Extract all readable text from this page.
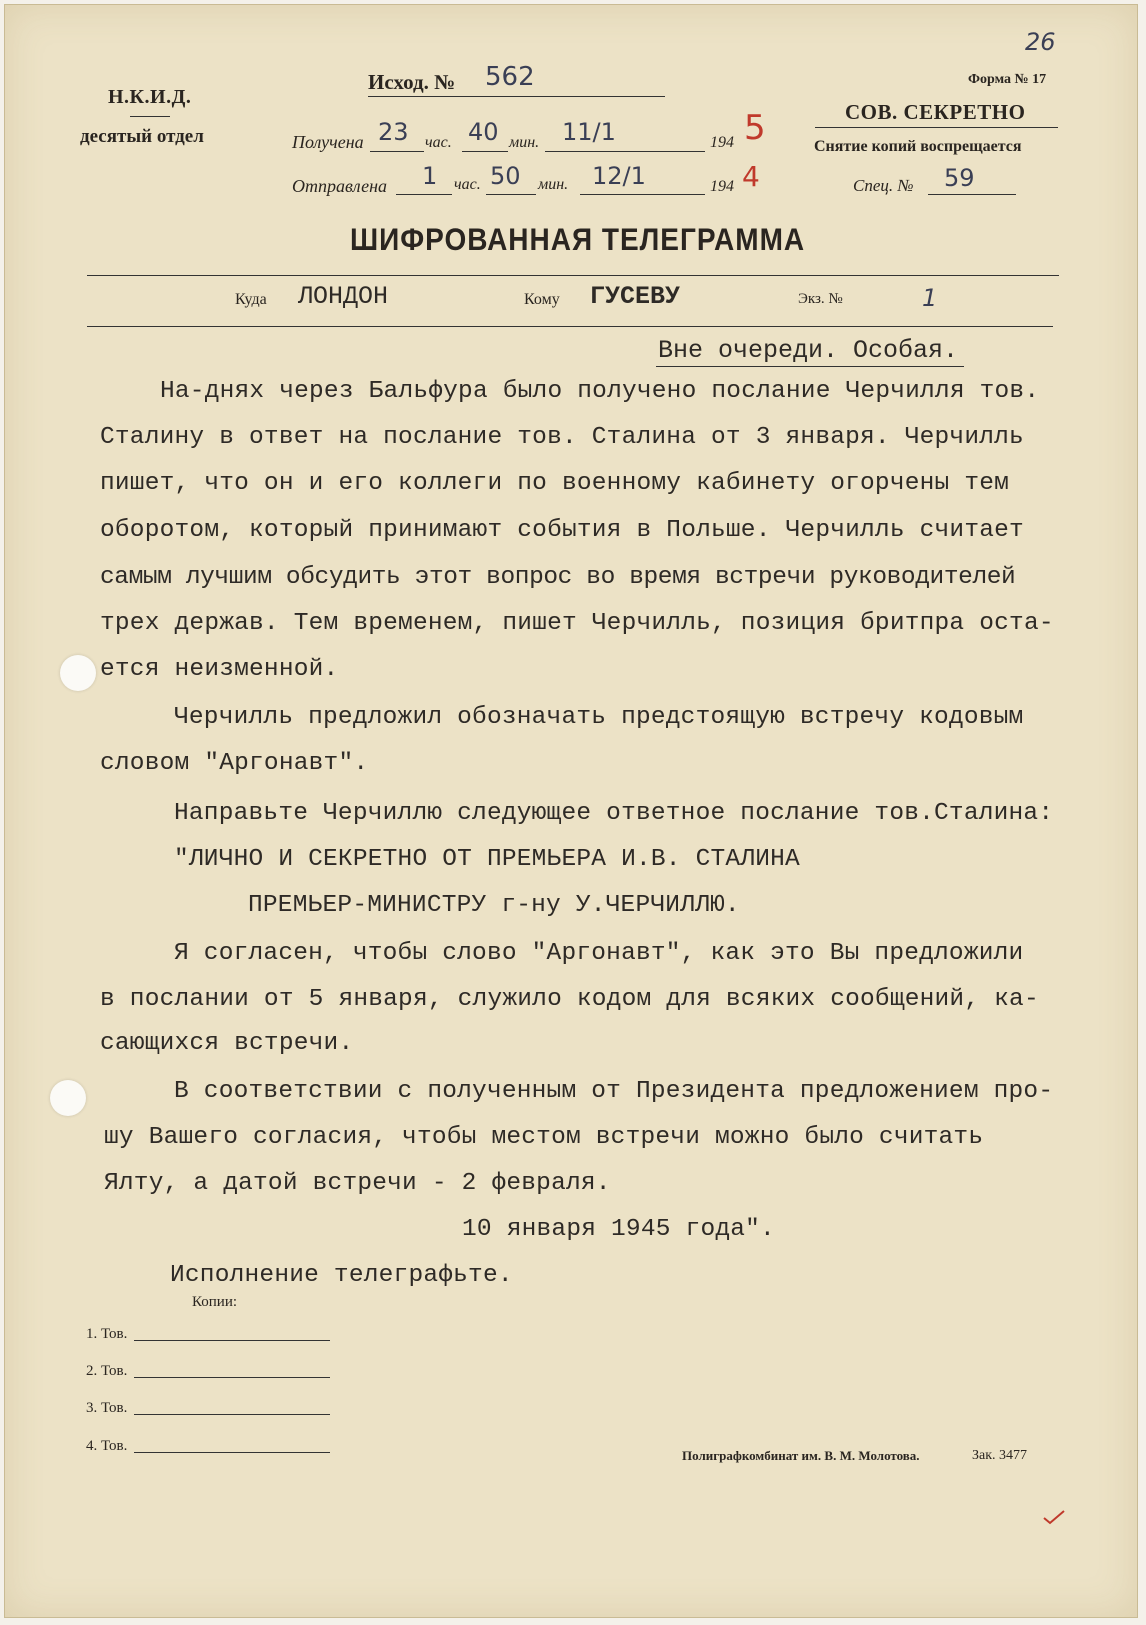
26
Н.К.И.Д.
десятый отдел
Исход. № 562
Получена 23 час. 40 мин. 11/1	194 5
Отправлена 1 час. 50 мин. 12/1	194 4
Форма № 17
СОВ. СЕКРЕТНО
Снятие копий воспрещается
Спец. № 59
ШИФРОВАННАЯ ТЕЛЕГРАММА
Куда ЛОНДОН	Кому ГУСЕВУ	Экз. №	1
Вне очереди. Особая.
На-днях через Бальфура было получено послание Черчилля тов.
Сталину в ответ на послание тов. Сталина от 3 января. Черчилль
пишет, что он и его коллеги по военному кабинету огорчены тем
оборотом, который принимают события в Польше. Черчилль считает
самым лучшим обсудить этот вопрос во время встречи руководителей
трех держав. Тем временем, пишет Черчилль, позиция бритпра оста-
ется неизменной.
Черчилль предложил обозначать предстоящую встречу кодовым
словом "Аргонавт".
Направьте Черчиллю следующее ответное послание тов.Сталина:
"ЛИЧНО И СЕКРЕТНО ОТ ПРЕМЬЕРА И.В. СТАЛИНА
ПРЕМЬЕР-МИНИСТРУ г-ну У.ЧЕРЧИЛЛЮ.
Я согласен, чтобы слово "Аргонавт", как это Вы предложили
в послании от 5 января, служило кодом для всяких сообщений, ка-
сающихся встречи.
В соответствии с полученным от Президента предложением про-
шу Вашего согласия, чтобы местом встречи можно было считать
Ялту, а датой встречи - 2 февраля.
10 января 1945 года".
Исполнение телеграфьте.
Копии:
1. Тов.
2. Тов.
3. Тов.
4. Тов.
Полиграфкомбинат им. В. М. Молотова.	Зак. 3477
